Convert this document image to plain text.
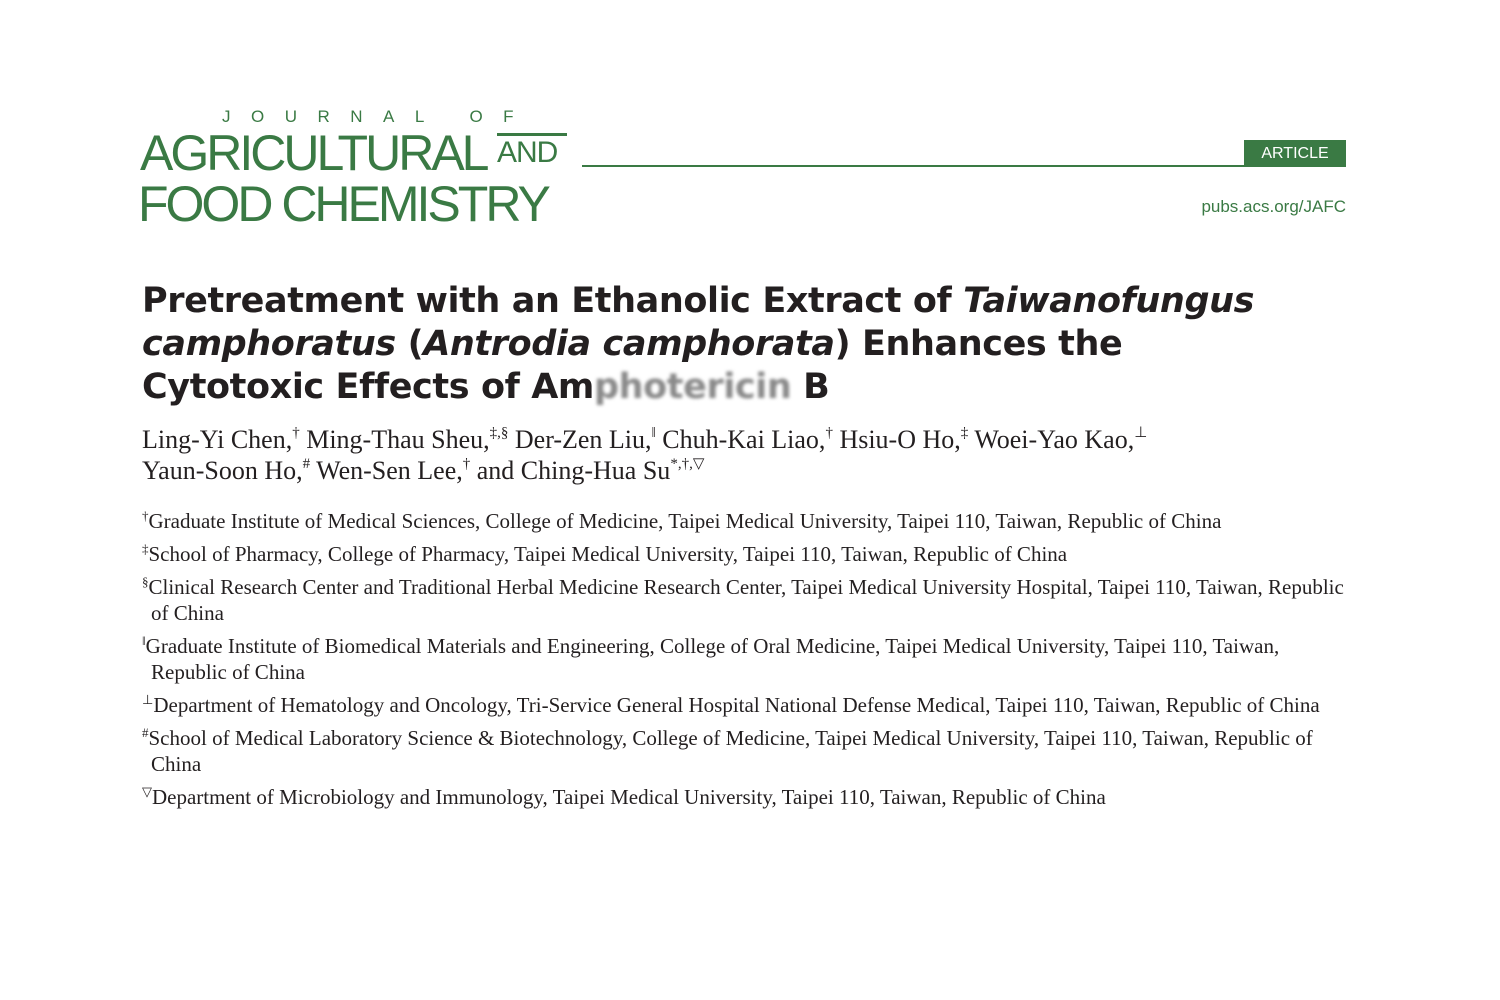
JOURNAL OF
AGRICULTURAL AND
FOOD CHEMISTRY
ARTICLE
pubs.acs.org/JAFC
Pretreatment with an Ethanolic Extract of Taiwanofungus camphoratus (Antrodia camphorata) Enhances the Cytotoxic Effects of Amphotericin B

Ling-Yi Chen,† Ming-Thau Sheu,‡,§ Der-Zen Liu,‖ Chuh-Kai Liao,† Hsiu-O Ho,‡ Woei-Yao Kao,⊥
Yaun-Soon Ho,# Wen-Sen Lee,† and Ching-Hua Su*,†,▽

†Graduate Institute of Medical Sciences, College of Medicine, Taipei Medical University, Taipei 110, Taiwan, Republic of China
‡School of Pharmacy, College of Pharmacy, Taipei Medical University, Taipei 110, Taiwan, Republic of China
§Clinical Research Center and Traditional Herbal Medicine Research Center, Taipei Medical University Hospital, Taipei 110, Taiwan, Republic of China
‖Graduate Institute of Biomedical Materials and Engineering, College of Oral Medicine, Taipei Medical University, Taipei 110, Taiwan, Republic of China
⊥Department of Hematology and Oncology, Tri-Service General Hospital National Defense Medical, Taipei 110, Taiwan, Republic of China
#School of Medical Laboratory Science & Biotechnology, College of Medicine, Taipei Medical University, Taipei 110, Taiwan, Republic of China
▽Department of Microbiology and Immunology, Taipei Medical University, Taipei 110, Taiwan, Republic of China
